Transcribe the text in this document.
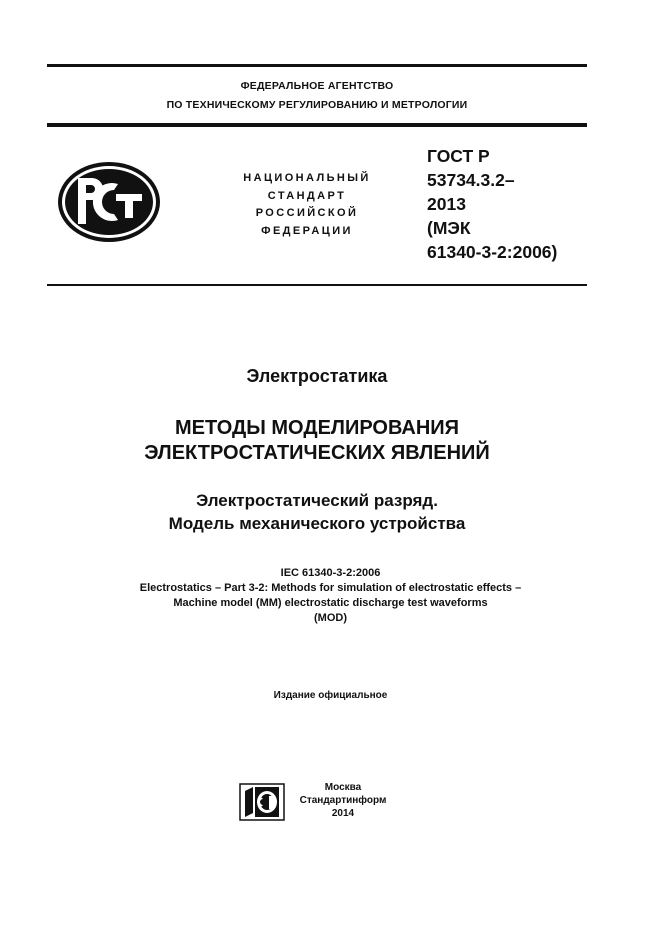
ФЕДЕРАЛЬНОЕ АГЕНТСТВО
ПО ТЕХНИЧЕСКОМУ РЕГУЛИРОВАНИЮ И МЕТРОЛОГИИ
НАЦИОНАЛЬНЫЙ
СТАНДАРТ
РОССИЙСКОЙ
ФЕДЕРАЦИИ
ГОСТ Р
53734.3.2–
2013
(МЭК
61340-3-2:2006)
Электростатика
МЕТОДЫ МОДЕЛИРОВАНИЯ
ЭЛЕКТРОСТАТИЧЕСКИХ ЯВЛЕНИЙ
Электростатический разряд.
Модель механического устройства
IEC 61340-3-2:2006
Electrostatics – Part 3-2: Methods for simulation of electrostatic effects –
Machine model (MM) electrostatic discharge test waveforms
(MOD)
Издание официальное
Москва
Стандартинформ
2014
